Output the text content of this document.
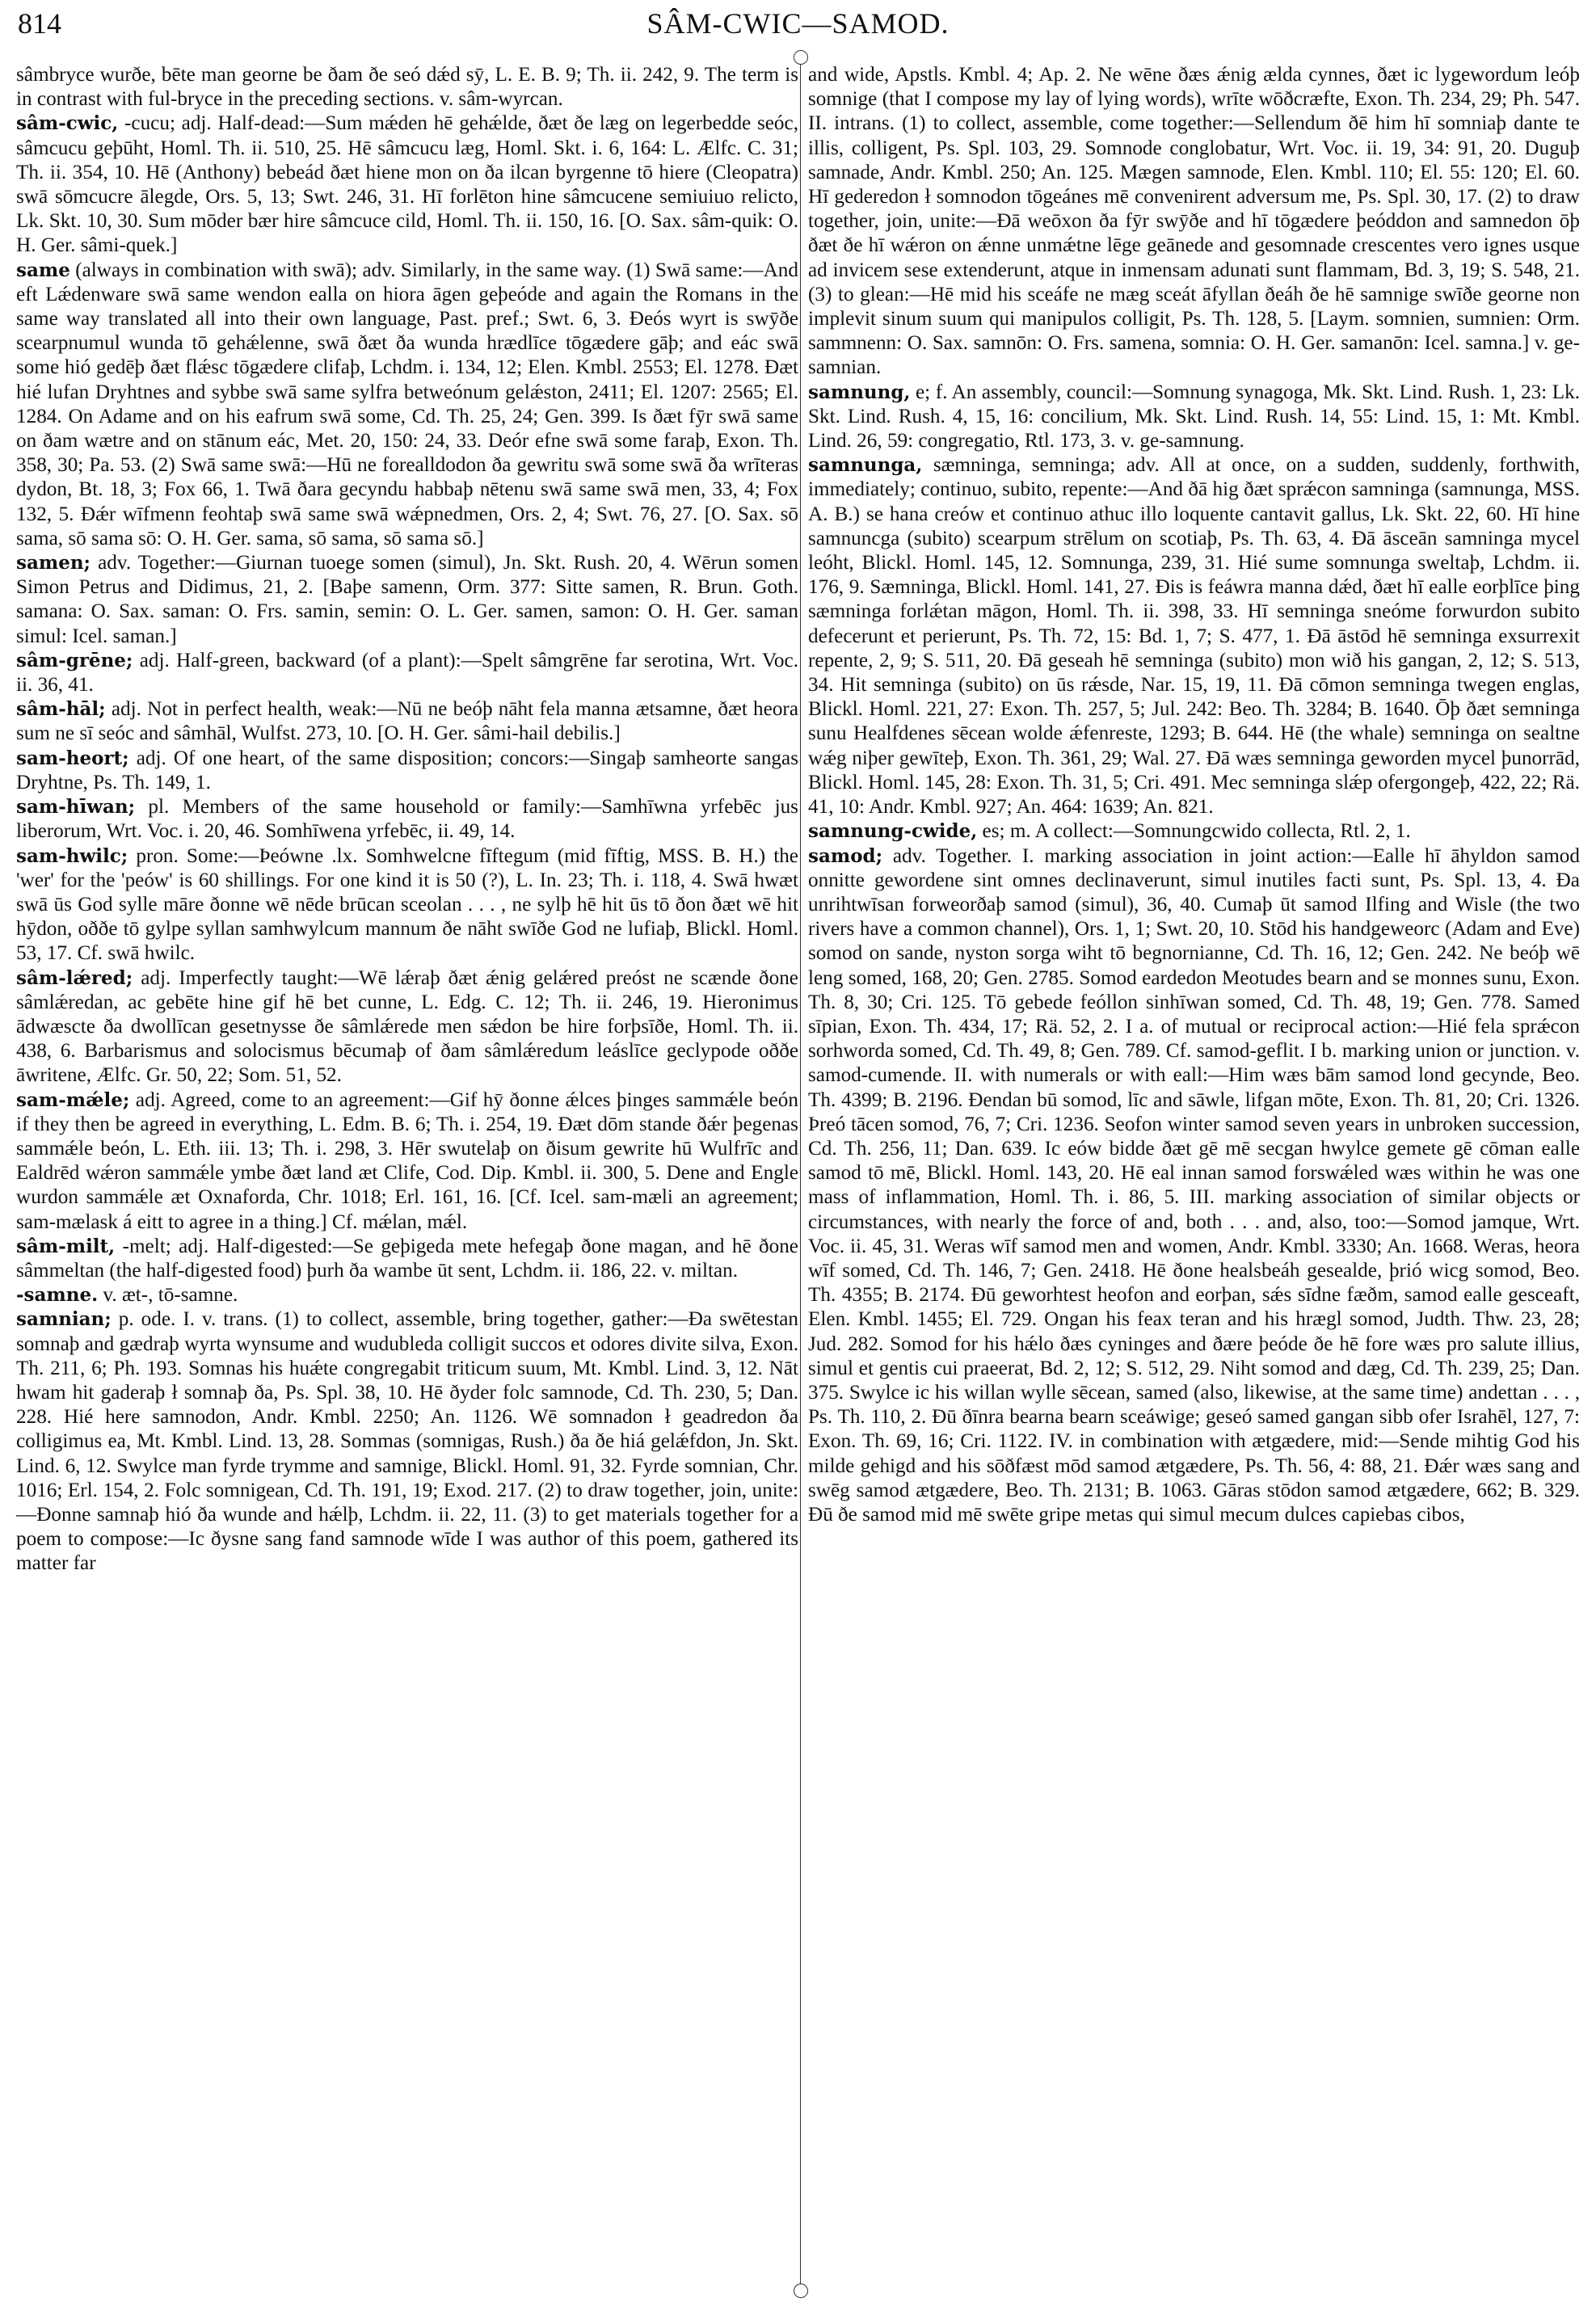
814	SÂM-CWIC—SAMOD.

sâmbryce wurðe, bēte man georne be ðam ðe seó dǽd sȳ, L. E. B. 9; Th. ii. 242, 9. The term is in contrast with ful-bryce in the preceding sections. v. sâm-wyrcan.

sâm-cwic, -cucu; adj. Half-dead:—Sum mǽden hē gehǽlde, ðæt ðe læg on legerbedde seóc, sâmcucu geþūht, Homl. Th. ii. 510, 25. Hē sâmcucu læg, Homl. Skt. i. 6, 164: L. Ælfc. C. 31; Th. ii. 354, 10. Hē (Anthony) bebeád ðæt hiene mon on ða ilcan byrgenne tō hiere (Cleopatra) swā sōmcucre ālegde, Ors. 5, 13; Swt. 246, 31. Hī forlēton hine sâmcucene semiuiuo relicto, Lk. Skt. 10, 30. Sum mōder bær hire sâmcuce cild, Homl. Th. ii. 150, 16. [O. Sax. sâm-quik: O. H. Ger. sâmi-quek.]

same (always in combination with swā); adv. Similarly, in the same way. (1) Swā same:—And eft Lǽdenware swā same wendon ealla on hiora āgen geþeóde and again the Romans in the same way translated all into their own language, Past. pref.; Swt. 6, 3. Ðeós wyrt is swȳðe scearpnumul wunda tō gehǽlenne, swā ðæt ða wunda hrædlīce tōgædere gāþ; and eác swā some hió gedēþ ðæt flǽsc tōgædere clifaþ, Lchdm. i. 134, 12; Elen. Kmbl. 2553; El. 1278. Ðæt hié lufan Dryhtnes and sybbe swā same sylfra betweónum gelǽston, 2411; El. 1207: 2565; El. 1284. On Adame and on his eafrum swā some, Cd. Th. 25, 24; Gen. 399. Is ðæt fȳr swā same on ðam wætre and on stānum eác, Met. 20, 150: 24, 33. Deór efne swā some faraþ, Exon. Th. 358, 30; Pa. 53. (2) Swā same swā:—Hū ne forealldodon ða gewritu swā some swā ða wrīteras dydon, Bt. 18, 3; Fox 66, 1. Twā ðara gecyndu habbaþ nētenu swā same swā men, 33, 4; Fox 132, 5. Ðǽr wīfmenn feohtaþ swā same swā wǽpnedmen, Ors. 2, 4; Swt. 76, 27. [O. Sax. sō sama, sō sama sō: O. H. Ger. sama, sō sama, sō sama sō.]

samen; adv. Together:—Giurnan tuoege somen (simul), Jn. Skt. Rush. 20, 4. Wērun somen Simon Petrus and Didimus, 21, 2. [Baþe samenn, Orm. 377: Sitte samen, R. Brun. Goth. samana: O. Sax. saman: O. Frs. samin, semin: O. L. Ger. samen, samon: O. H. Ger. saman simul: Icel. saman.]

sâm-grēne; adj. Half-green, backward (of a plant):—Spelt sâmgrēne far serotina, Wrt. Voc. ii. 36, 41.

sâm-hāl; adj. Not in perfect health, weak:—Nū ne beóþ nāht fela manna ætsamne, ðæt heora sum ne sī seóc and sâmhāl, Wulfst. 273, 10. [O. H. Ger. sâmi-hail debilis.]

sam-heort; adj. Of one heart, of the same disposition; concors:—Singaþ samheorte sangas Dryhtne, Ps. Th. 149, 1.

sam-hīwan; pl. Members of the same household or family:—Samhīwna yrfebēc jus liberorum, Wrt. Voc. i. 20, 46. Somhīwena yrfebēc, ii. 49, 14.

sam-hwilc; pron. Some:—Þeówne .lx. Somhwelcne fīftegum (mid fīftig, MSS. B. H.) the 'wer' for the 'peów' is 60 shillings. For one kind it is 50 (?), L. In. 23; Th. i. 118, 4. Swā hwæt swā ūs God sylle māre ðonne wē nēde brūcan sceolan . . . , ne sylþ hē hit ūs tō ðon ðæt wē hit hȳdon, oððe tō gylpe syllan samhwylcum mannum ðe nāht swīðe God ne lufiaþ, Blickl. Homl. 53, 17. Cf. swā hwilc.

sâm-lǽred; adj. Imperfectly taught:—Wē lǽraþ ðæt ǽnig gelǽred preóst ne scænde ðone sâmlǽredan, ac gebēte hine gif hē bet cunne, L. Edg. C. 12; Th. ii. 246, 19. Hieronimus ādwæscte ða dwollīcan gesetnysse ðe sâmlǽrede men sǽdon be hire forþsīðe, Homl. Th. ii. 438, 6. Barbarismus and solocismus bēcumaþ of ðam sâmlǽredum leáslīce geclypode oððe āwritene, Ælfc. Gr. 50, 22; Som. 51, 52.

sam-mǽle; adj. Agreed, come to an agreement:—Gif hȳ ðonne ǽlces þinges sammǽle beón if they then be agreed in everything, L. Edm. B. 6; Th. i. 254, 19. Ðæt dōm stande ðǽr þegenas sammǽle beón, L. Eth. iii. 13; Th. i. 298, 3. Hēr swutelaþ on ðisum gewrite hū Wulfrīc and Ealdrēd wǽron sammǽle ymbe ðæt land æt Clife, Cod. Dip. Kmbl. ii. 300, 5. Dene and Engle wurdon sammǽle æt Oxnaforda, Chr. 1018; Erl. 161, 16. [Cf. Icel. sam-mæli an agreement; sam-mælask á eitt to agree in a thing.] Cf. mǽlan, mǽl.

sâm-milt, -melt; adj. Half-digested:—Se geþigeda mete hefegaþ ðone magan, and hē ðone sâmmeltan (the half-digested food) þurh ða wambe ūt sent, Lchdm. ii. 186, 22. v. miltan.

-samne. v. æt-, tō-samne.

samnian; p. ode. I. v. trans. (1) to collect, assemble, bring together, gather:—Ða swētestan somnaþ and gædraþ wyrta wynsume and wudubleda colligit succos et odores divite silva, Exon. Th. 211, 6; Ph. 193. Somnas his huǽte congregabit triticum suum, Mt. Kmbl. Lind. 3, 12. Nāt hwam hit gaderaþ ł somnaþ ða, Ps. Spl. 38, 10. Hē ðyder folc samnode, Cd. Th. 230, 5; Dan. 228. Hié here samnodon, Andr. Kmbl. 2250; An. 1126. Wē somnadon ł geadredon ða colligimus ea, Mt. Kmbl. Lind. 13, 28. Sommas (somnigas, Rush.) ða ðe hiá gelǽfdon, Jn. Skt. Lind. 6, 12. Swylce man fyrde trymme and samnige, Blickl. Homl. 91, 32. Fyrde somnian, Chr. 1016; Erl. 154, 2. Folc somnigean, Cd. Th. 191, 19; Exod. 217. (2) to draw together, join, unite:—Ðonne samnaþ hió ða wunde and hǽlþ, Lchdm. ii. 22, 11. (3) to get materials together for a poem to compose:—Ic ðysne sang fand samnode wīde I was author of this poem, gathered its matter far

and wide, Apstls. Kmbl. 4; Ap. 2. Ne wēne ðæs ǽnig ælda cynnes, ðæt ic lygewordum leóþ somnige (that I compose my lay of lying words), wrīte wōðcræfte, Exon. Th. 234, 29; Ph. 547. II. intrans. (1) to collect, assemble, come together:—Sellendum ðē him hī somniaþ dante te illis, colligent, Ps. Spl. 103, 29. Somnode conglobatur, Wrt. Voc. ii. 19, 34: 91, 20. Duguþ samnade, Andr. Kmbl. 250; An. 125. Mægen samnode, Elen. Kmbl. 110; El. 55: 120; El. 60. Hī gederedon ł somnodon tōgeánes mē convenirent adversum me, Ps. Spl. 30, 17. (2) to draw together, join, unite:—Ðā weōxon ða fȳr swȳðe and hī tōgædere þeóddon and samnedon ōþ ðæt ðe hī wǽron on ǽnne unmǽtne lēge geānede and gesomnade crescentes vero ignes usque ad invicem sese extenderunt, atque in inmensam adunati sunt flammam, Bd. 3, 19; S. 548, 21. (3) to glean:—Hē mid his sceáfe ne mæg sceát āfyllan ðeáh ðe hē samnige swīðe georne non implevit sinum suum qui manipulos colligit, Ps. Th. 128, 5. [Laym. somnien, sumnien: Orm. sammnenn: O. Sax. samnōn: O. Frs. samena, somnia: O. H. Ger. samanōn: Icel. samna.] v. ge-samnian.

samnung, e; f. An assembly, council:—Somnung synagoga, Mk. Skt. Lind. Rush. 1, 23: Lk. Skt. Lind. Rush. 4, 15, 16: concilium, Mk. Skt. Lind. Rush. 14, 55: Lind. 15, 1: Mt. Kmbl. Lind. 26, 59: congregatio, Rtl. 173, 3. v. ge-samnung.

samnunga, sæmninga, semninga; adv. All at once, on a sudden, suddenly, forthwith, immediately; continuo, subito, repente:—And ðā hig ðæt sprǽcon samninga (samnunga, MSS. A. B.) se hana creów et continuo athuc illo loquente cantavit gallus, Lk. Skt. 22, 60. Hī hine samnuncga (subito) scearpum strēlum on scotiaþ, Ps. Th. 63, 4. Ðā āsceān samninga mycel leóht, Blickl. Homl. 145, 12. Somnunga, 239, 31. Hié sume somnunga sweltaþ, Lchdm. ii. 176, 9. Sæmninga, Blickl. Homl. 141, 27. Ðis is feáwra manna dǽd, ðæt hī ealle eorþlīce þing sæmninga forlǽtan māgon, Homl. Th. ii. 398, 33. Hī semninga sneóme forwurdon subito defecerunt et perierunt, Ps. Th. 72, 15: Bd. 1, 7; S. 477, 1. Ðā āstōd hē semninga exsurrexit repente, 2, 9; S. 511, 20. Ðā geseah hē semninga (subito) mon wið his gangan, 2, 12; S. 513, 34. Hit semninga (subito) on ūs rǽsde, Nar. 15, 19, 11. Ðā cōmon semninga twegen englas, Blickl. Homl. 221, 27: Exon. Th. 257, 5; Jul. 242: Beo. Th. 3284; B. 1640. Ōþ ðæt semninga sunu Healfdenes sēcean wolde ǽfenreste, 1293; B. 644. Hē (the whale) semninga on sealtne wǽg niþer gewīteþ, Exon. Th. 361, 29; Wal. 27. Ðā wæs semninga geworden mycel þunorrād, Blickl. Homl. 145, 28: Exon. Th. 31, 5; Cri. 491. Mec semninga slǽp ofergongeþ, 422, 22; Rä. 41, 10: Andr. Kmbl. 927; An. 464: 1639; An. 821.

samnung-cwide, es; m. A collect:—Somnungcwido collecta, Rtl. 2, 1.

samod; adv. Together. I. marking association in joint action:—Ealle hī āhyldon samod onnitte gewordene sint omnes declinaverunt, simul inutiles facti sunt, Ps. Spl. 13, 4. Ða unrihtwīsan forweorðaþ samod (simul), 36, 40. Cumaþ ūt samod Ilfing and Wisle (the two rivers have a common channel), Ors. 1, 1; Swt. 20, 10. Stōd his handgeweorc (Adam and Eve) somod on sande, nyston sorga wiht tō begnornianne, Cd. Th. 16, 12; Gen. 242. Ne beóþ wē leng somed, 168, 20; Gen. 2785. Somod eardedon Meotudes bearn and se monnes sunu, Exon. Th. 8, 30; Cri. 125. Tō gebede feóllon sinhīwan somed, Cd. Th. 48, 19; Gen. 778. Samed sīpian, Exon. Th. 434, 17; Rä. 52, 2. I a. of mutual or reciprocal action:—Hié fela sprǽcon sorhworda somed, Cd. Th. 49, 8; Gen. 789. Cf. samod-geflit. I b. marking union or junction. v. samod-cumende. II. with numerals or with eall:—Him wæs bām samod lond gecynde, Beo. Th. 4399; B. 2196. Ðendan bū somod, līc and sāwle, lifgan mōte, Exon. Th. 81, 20; Cri. 1326. Þreó tācen somod, 76, 7; Cri. 1236. Seofon winter samod seven years in unbroken succession, Cd. Th. 256, 11; Dan. 639. Ic eów bidde ðæt gē mē secgan hwylce gemete gē cōman ealle samod tō mē, Blickl. Homl. 143, 20. Hē eal innan samod forswǽled wæs within he was one mass of inflammation, Homl. Th. i. 86, 5. III. marking association of similar objects or circumstances, with nearly the force of and, both . . . and, also, too:—Somod jamque, Wrt. Voc. ii. 45, 31. Weras wīf samod men and women, Andr. Kmbl. 3330; An. 1668. Weras, heora wīf somed, Cd. Th. 146, 7; Gen. 2418. Hē ðone healsbeáh gesealde, þrió wicg somod, Beo. Th. 4355; B. 2174. Ðū geworhtest heofon and eorþan, sǽs sīdne fæðm, samod ealle gesceaft, Elen. Kmbl. 1455; El. 729. Ongan his feax teran and his hrægl somod, Judth. Thw. 23, 28; Jud. 282. Somod for his hǽlo ðæs cyninges and ðære þeóde ðe hē fore wæs pro salute illius, simul et gentis cui praeerat, Bd. 2, 12; S. 512, 29. Niht somod and dæg, Cd. Th. 239, 25; Dan. 375. Swylce ic his willan wylle sēcean, samed (also, likewise, at the same time) andettan . . . , Ps. Th. 110, 2. Ðū ðīnra bearna bearn sceáwige; geseó samed gangan sibb ofer Israhēl, 127, 7: Exon. Th. 69, 16; Cri. 1122. IV. in combination with ætgædere, mid:—Sende mihtig God his milde gehigd and his sōðfæst mōd samod ætgædere, Ps. Th. 56, 4: 88, 21. Ðǽr wæs sang and swēg samod ætgædere, Beo. Th. 2131; B. 1063. Gāras stōdon samod ætgædere, 662; B. 329. Ðū ðe samod mid mē swēte gripe metas qui simul mecum dulces capiebas cibos,
